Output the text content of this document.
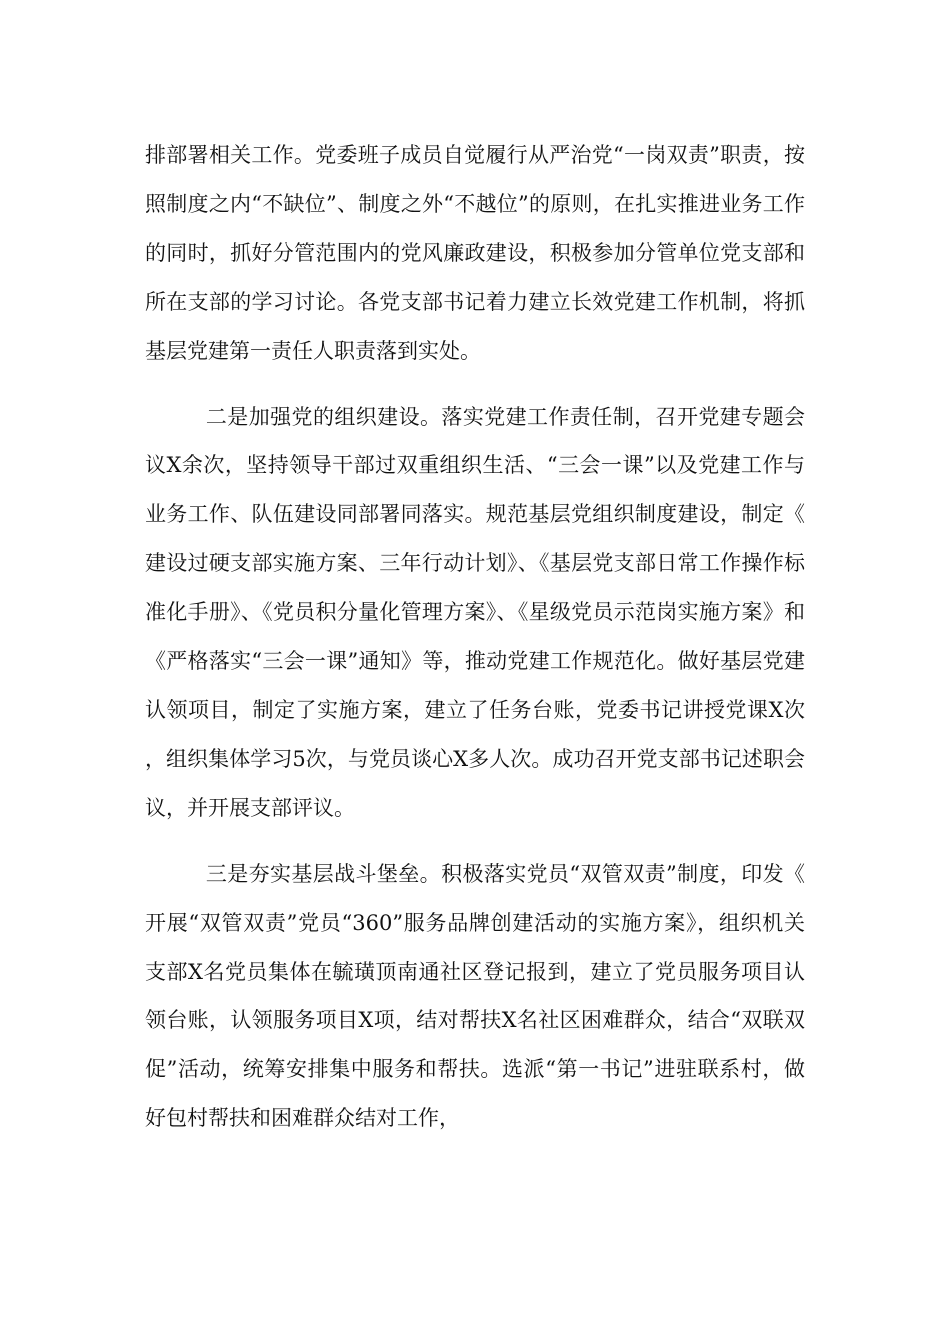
排部署相关工作。党委班子成员自觉履行从严治党“一岗双责”职责，按照制度之内“不缺位”、制度之外“不越位”的原则，在扎实推进业务工作的同时，抓好分管范围内的党风廉政建设，积极参加分管单位党支部和所在支部的学习讨论。各党支部书记着力建立长效党建工作机制，将抓基层党建第一责任人职责落到实处。

二是加强党的组织建设。落实党建工作责任制，召开党建专题会议X余次，坚持领导干部过双重组织生活、“三会一课”以及党建工作与业务工作、队伍建设同部署同落实。规范基层党组织制度建设，制定《建设过硬支部实施方案、三年行动计划》、《基层党支部日常工作操作标准化手册》、《党员积分量化管理方案》、《星级党员示范岗实施方案》和《严格落实“三会一课”通知》等，推动党建工作规范化。做好基层党建认领项目，制定了实施方案，建立了任务台账，党委书记讲授党课X次，组织集体学习5次，与党员谈心X多人次。成功召开党支部书记述职会议，并开展支部评议。

三是夯实基层战斗堡垒。积极落实党员“双管双责”制度，印发《开展“双管双责”党员“360”服务品牌创建活动的实施方案》，组织机关支部X名党员集体在毓璜顶南通社区登记报到，建立了党员服务项目认领台账，认领服务项目X项，结对帮扶X名社区困难群众，结合“双联双促”活动，统筹安排集中服务和帮扶。选派“第一书记”进驻联系村，做好包村帮扶和困难群众结对工作，
